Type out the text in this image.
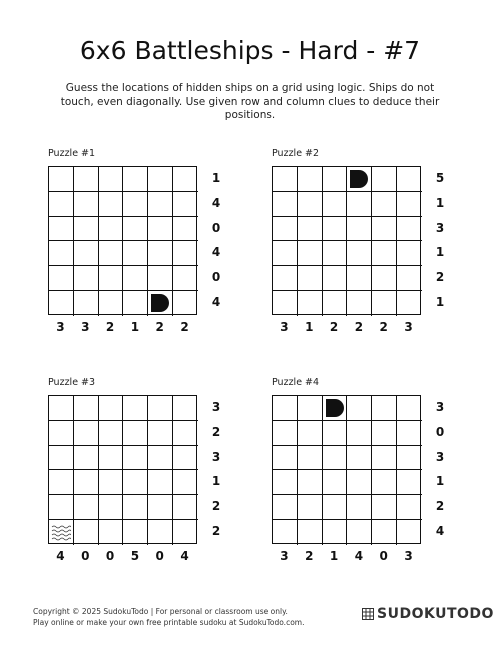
6x6 Battleships - Hard - #7
Guess the locations of hidden ships on a grid using logic. Ships do not touch, even diagonally. Use given row and column clues to deduce their positions.
Puzzle #1
1
4
0
4
0
4
3	3	2	1	2	2
Puzzle #2
5
1
3
1
2
1
3	1	2	2	2	3
Puzzle #3
3
2
3
1
2
2
4	0	0	5	0	4
Puzzle #4
3
0
3
1
2
4
3	2	1	4	0	3
Copyright © 2025 SudokuTodo | For personal or classroom use only.
Play online or make your own free printable sudoku at SudokuTodo.com.
SUDOKUTODO
